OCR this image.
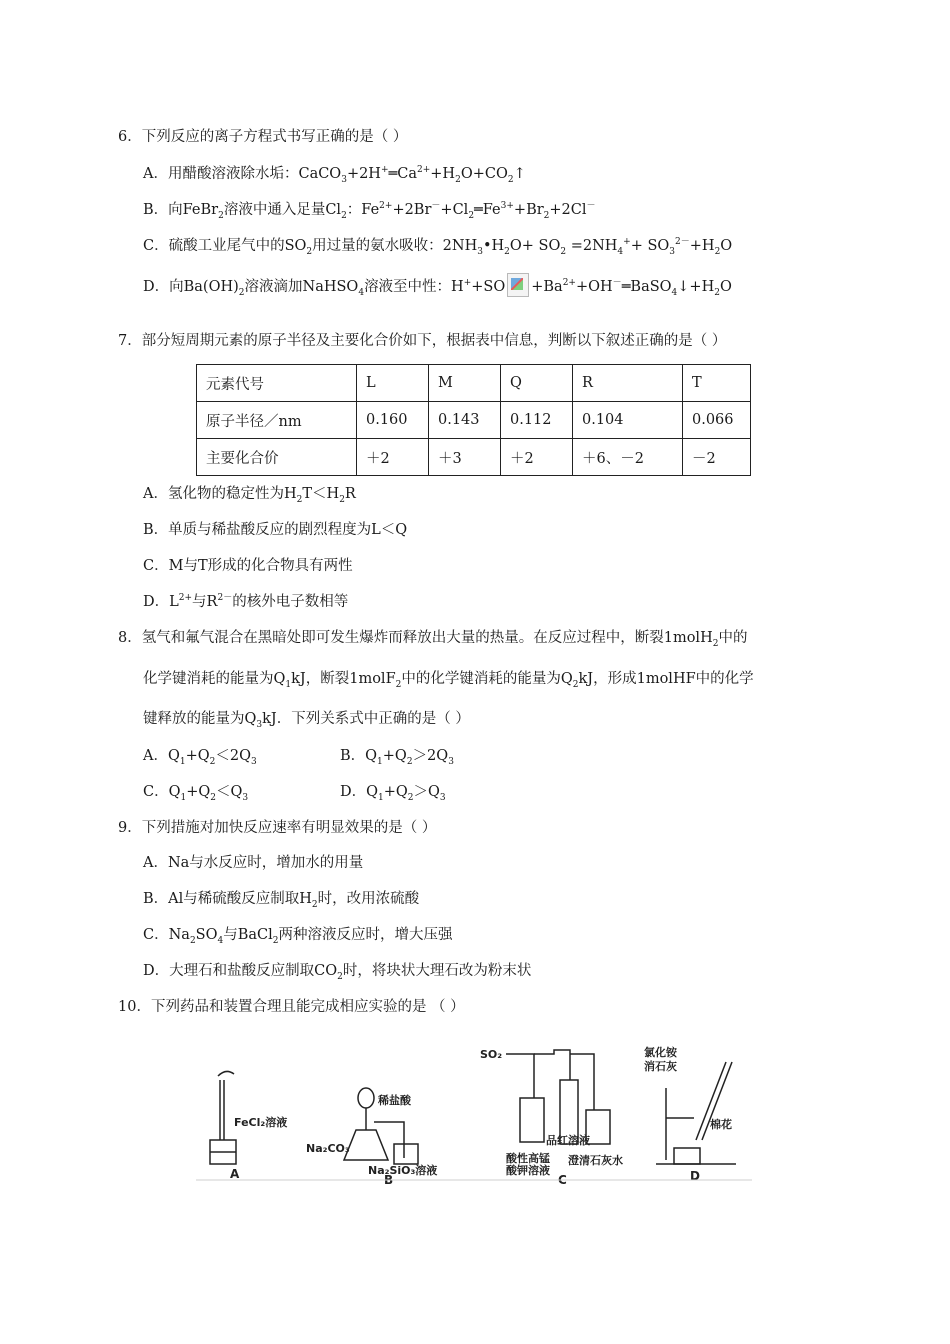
6．下列反应的离子方程式书写正确的是（ ）
A．用醋酸溶液除水垢：$CaCO_3+2H^+═Ca^{2+}+H_2O+CO_2↑$
B．向FeBr$_2$溶液中通入足量$Cl_2$：$Fe^{2+}+2Br^-+Cl_2═Fe^{3+}+Br_2+2Cl^-$
C．硫酸工业尾气中的$SO_2$用过量的氨水吸收：$2NH_3•H_2O+ SO_2 =2NH_4^++ SO_3^{2-}+H_2O$
D．向$Ba(OH)_2$溶液滴加NaHSO$_4$溶液至中性：$H^++SO +Ba^{2+}+OH^-═BaSO_4↓+H_2O$
7．部分短周期元素的原子半径及主要化合价如下，根据表中信息，判断以下叙述正确的是（ ）
元素代号	L	M	Q	R	T
原子半径／nm	0.160	0.143	0.112	0.104	0.066
主要化合价	＋2	＋3	＋2	＋6、－2	－2
A．氢化物的稳定性为$H_2T<H_2R$
B．单质与稀盐酸反应的剧烈程度为L＜Q
C．M与T形成的化合物具有两性
D．$L^{2+}$与$R^{2-}$的核外电子数相等
8．氢气和氟气混合在黑暗处即可发生爆炸而释放出大量的热量。在反应过程中，断裂1molH$_2$中的
化学键消耗的能量为$Q_1kJ$，断裂1molF$_2$中的化学键消耗的能量为$Q_2kJ$，形成1molHF中的化学
键释放的能量为$Q_3kJ$．下列关系式中正确的是（ ）
A．$Q_1+Q_2<2Q_3$	B．$Q_1+Q_2>2Q_3$
C．$Q_1+Q_2<Q_3$	D．$Q_1+Q_2>Q_3$
9．下列措施对加快反应速率有明显效果的是（ ）
A．Na与水反应时，增加水的用量
B．Al与稀硫酸反应制取$H_2$时，改用浓硫酸
C．$Na_2SO_4$与BaCl$_2$两种溶液反应时，增大压强
D．大理石和盐酸反应制取$CO_2$时，将块状大理石改为粉末状
10．下列药品和装置合理且能完成相应实验的是 （ ）
FeCl₂溶液
A
稀盐酸
Na₂CO₃
Na₂SiO₃溶液
B
SO₂
品红溶液
酸性高锰
酸钾溶液
澄清石灰水
C
氯化铵
消石灰
棉花
D
